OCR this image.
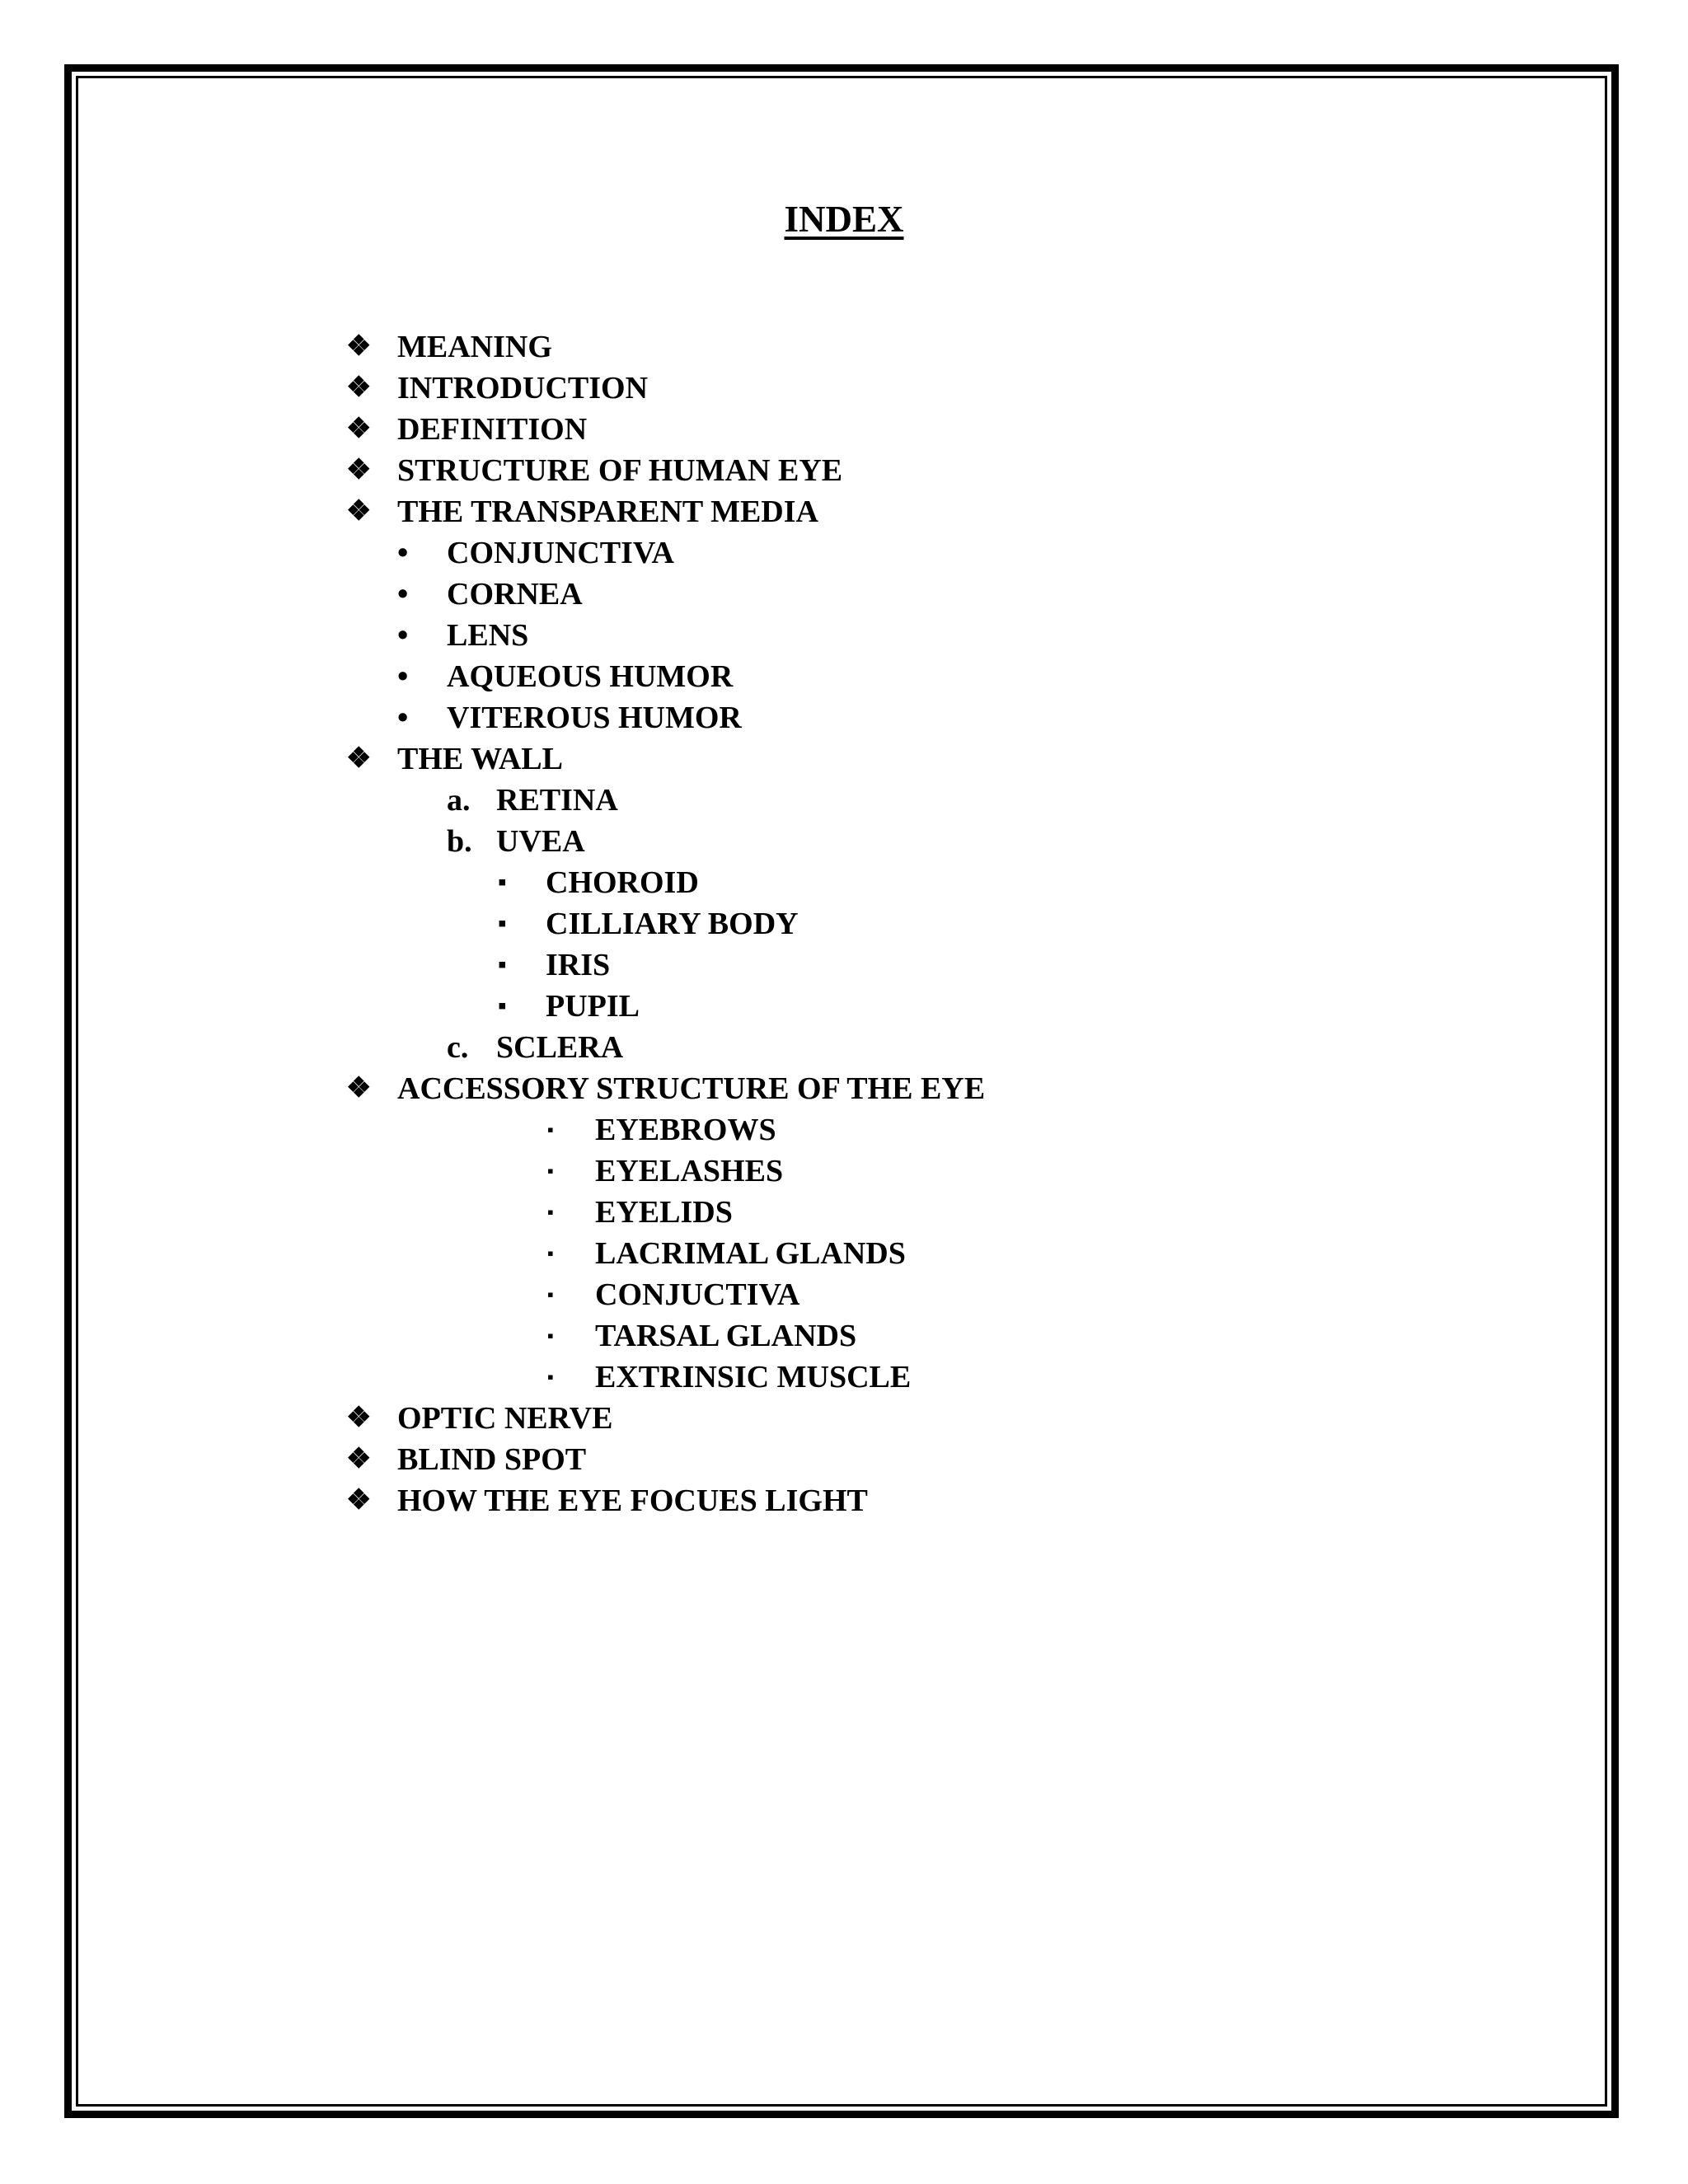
INDEX
❖ MEANING
❖ INTRODUCTION
❖ DEFINITION
❖ STRUCTURE OF HUMAN EYE
❖ THE TRANSPARENT MEDIA
• CONJUNCTIVA
• CORNEA
• LENS
• AQUEOUS HUMOR
• VITEROUS HUMOR
❖ THE WALL
a. RETINA
b. UVEA
▪ CHOROID
▪ CILLIARY BODY
▪ IRIS
▪ PUPIL
c. SCLERA
❖ ACCESSORY STRUCTURE OF THE EYE
▪ EYEBROWS
▪ EYELASHES
▪ EYELIDS
▪ LACRIMAL GLANDS
▪ CONJUCTIVA
▪ TARSAL GLANDS
▪ EXTRINSIC MUSCLE
❖ OPTIC NERVE
❖ BLIND SPOT
❖ HOW THE EYE FOCUES LIGHT
